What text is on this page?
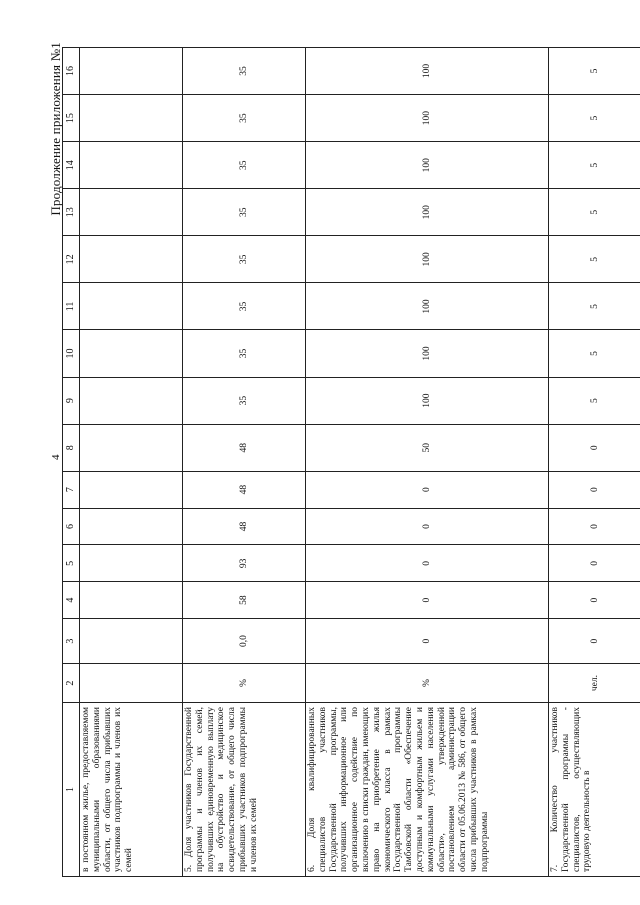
4
Продолжение приложения №1
1	2	3	4	5	6	7	8	9	10	11	12	13	14	15	16
в постоянном жилье, предоставляемом муниципальными образованиями области, от общего числа прибывших участников подпрограммы и членов их семей															
5. Доля участников Государственной программы и членов их семей, получивших единовременную выплату на обустройство и медицинское освидетельствование, от общего числа прибывших участников подпрограммы и членов их семей	%	0,0	58	93	48	48	48	35	35	35	35	35	35	35	35
6. Доля квалифицированных специалистов участников Государственной программы, получивших информационное или организационное содействие по включению в списки граждан, имеющих право на приобретение жилья экономического класса в рамках Государственной программы Тамбовской области «Обеспечение доступным и комфортным жильем и коммунальными услугами населения области», утвержденной постановлением администрации области от 05.06.2013 № 586, от общего числа прибывших участников в рамках подпрограммы	%	0	0	0	0	0	50	100	100	100	100	100	100	100	100
7. Количество участников Государственной программы - специалистов, осуществляющих трудовую деятельность в	чел.	0	0	0	0	0	0	5	5	5	5	5	5	5	5
